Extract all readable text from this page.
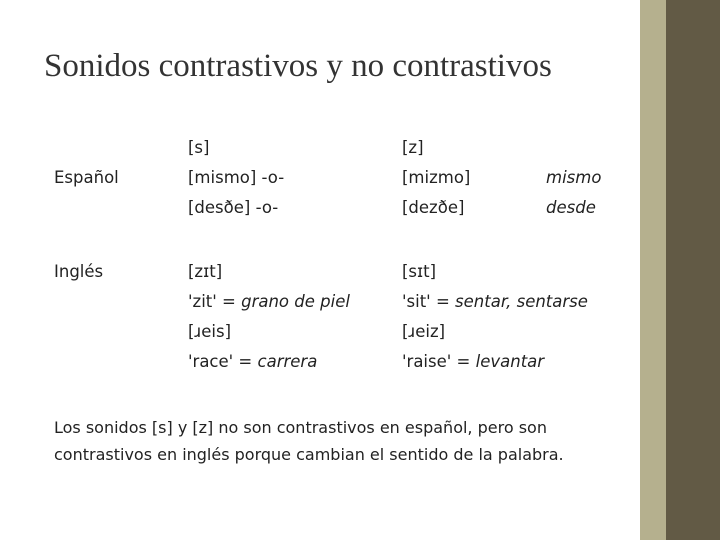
Sonidos contrastivos y no contrastivos
Español
[s]
[mismo] -o-
[desðe] -o-
[z]
[mizmo]
[dezðe]
mismo
desde
Inglés	[zɪt]
'zit' = grano de piel
[ɹeis]
'race' = carrera
[sɪt]
'sit' = sentar, sentarse
[ɹeiz]
'raise' = levantar
Los sonidos [s] y [z] no son contrastivos en español, pero son contrastivos en inglés porque cambian el sentido de la palabra.
